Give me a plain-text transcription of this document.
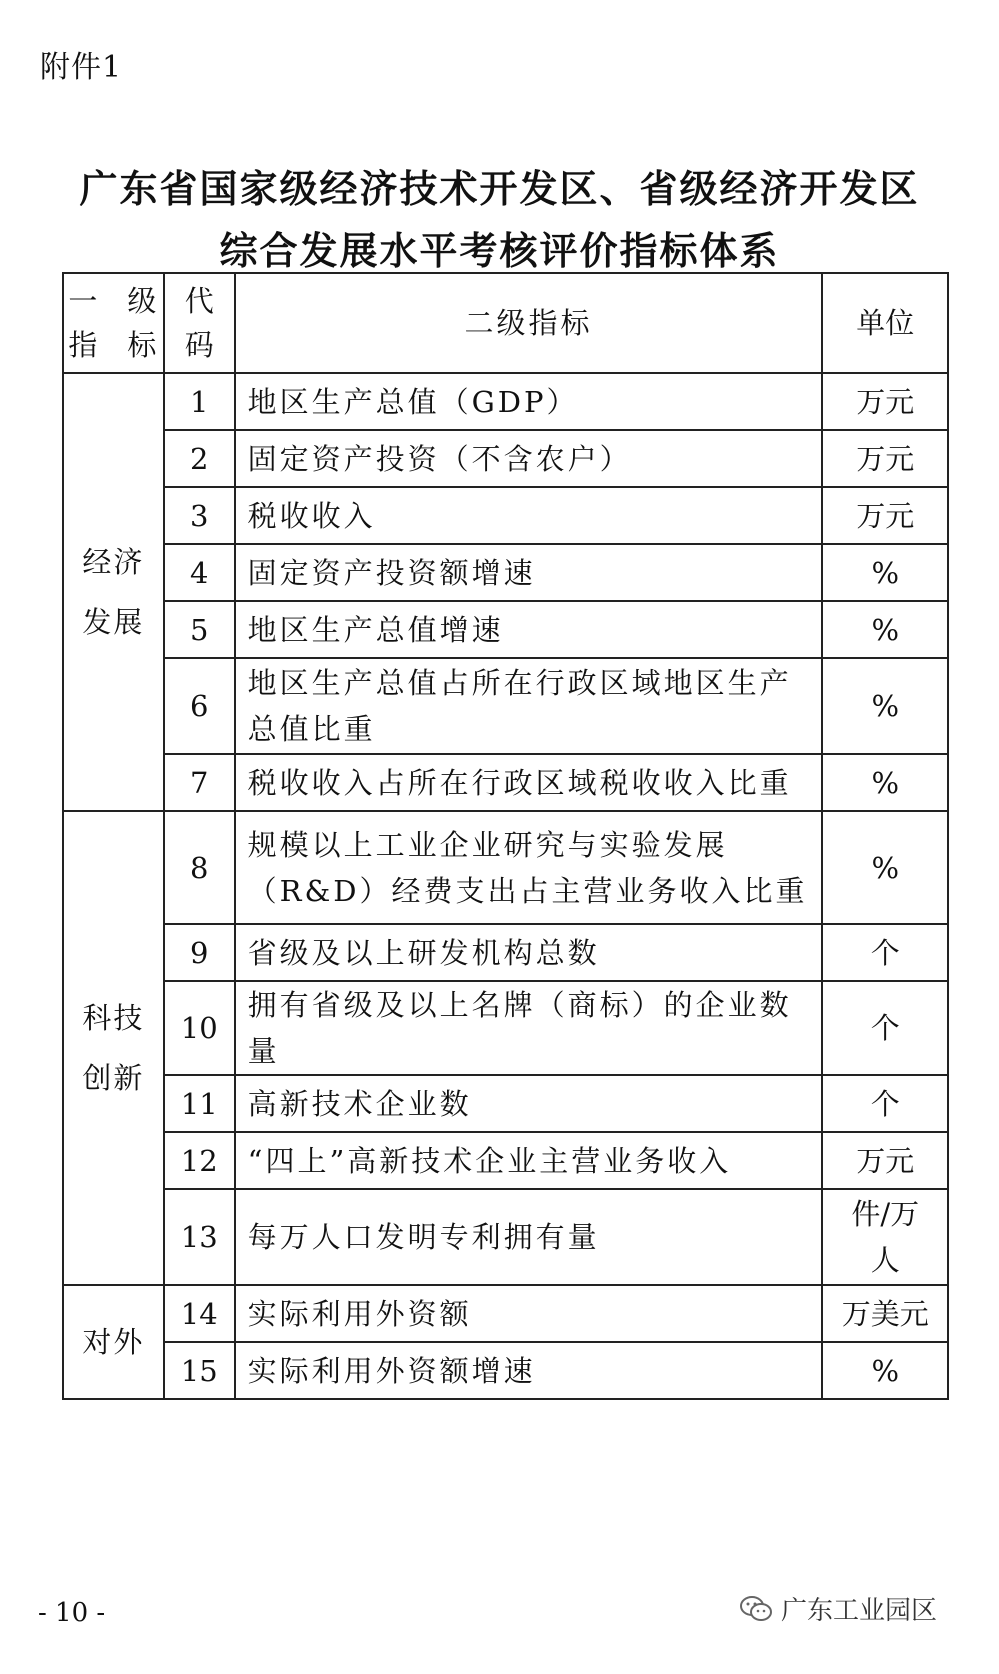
附件1
广东省国家级经济技术开发区、省级经济开发区
综合发展水平考核评价指标体系
一 级
指 标	代
码	二级指标	单位
经济
发展	1	地区生产总值（GDP）	万元
	2	固定资产投资（不含农户）	万元
	3	税收收入	万元
	4	固定资产投资额增速	%
	5	地区生产总值增速	%
	6	地区生产总值占所在行政区域地区生产总值比重	%
	7	税收收入占所在行政区域税收收入比重	%
科技
创新	8	规模以上工业企业研究与实验发展（R&D）经费支出占主营业务收入比重	%
	9	省级及以上研发机构总数	个
	10	拥有省级及以上名牌（商标）的企业数量	个
	11	高新技术企业数	个
	12	“四上”高新技术企业主营业务收入	万元
	13	每万人口发明专利拥有量	件/万人
对外	14	实际利用外资额	万美元
	15	实际利用外资额增速	%
- 10 -	广东工业园区
